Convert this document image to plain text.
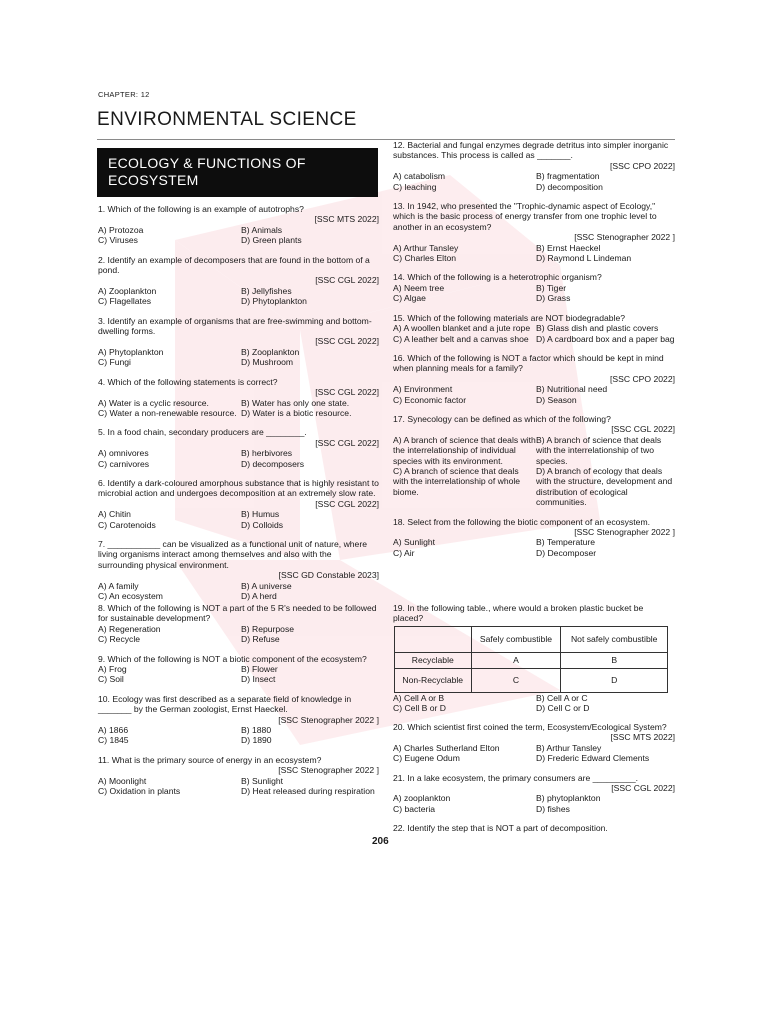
CHAPTER: 12
ENVIRONMENTAL SCIENCE
ECOLOGY & FUNCTIONS OF
ECOSYSTEM
1. Which of the following is an example of autotrophs?
[SSC MTS 2022]
A) Protozoa	B) Animals
C) Viruses	D) Green plants
2. Identify an example of decomposers that are found in the bottom of a pond.
[SSC CGL 2022]
A) Zooplankton	B) Jellyfishes
C) Flagellates	D) Phytoplankton
3. Identify an example of organisms that are free-swimming and bottom-dwelling forms.
[SSC CGL 2022]
A) Phytoplankton	B) Zooplankton
C) Fungi	D) Mushroom
4. Which of the following statements is correct?
[SSC CGL 2022]
A) Water is a cyclic resource.	B) Water has only one state.
C) Water a non-renewable resource. D) Water is a biotic resource.
5. In a food chain, secondary producers are ________.
[SSC CGL 2022]
A) omnivores	B) herbivores
C) carnivores	D) decomposers
6. Identify a dark-coloured amorphous substance that is highly resistant to microbial action and undergoes decomposition at an extremely slow rate.
[SSC CGL 2022]
A) Chitin	B) Humus
C) Carotenoids	D) Colloids
7. ___________ can be visualized as a functional unit of nature, where living organisms interact among themselves and also with the surrounding physical environment.
[SSC GD Constable 2023]
A) A family	B) A universe
C) An ecosystem	D) A herd
8. Which of the following is NOT a part of the 5 R's needed to be followed for sustainable development?
A) Regeneration	B) Repurpose
C) Recycle	D) Refuse
9. Which of the following is NOT a biotic component of the ecosystem?
A) Frog	B) Flower
C) Soil	D) Insect
10. Ecology was first described as a separate field of knowledge in _______ by the German zoologist, Ernst Haeckel.
[SSC Stenographer 2022 ]
A) 1866	B) 1880
C) 1845	D) 1890
11. What is the primary source of energy in an ecosystem?
[SSC Stenographer 2022 ]
A) Moonlight	B) Sunlight
C) Oxidation in plants	D) Heat released during respiration
12. Bacterial and fungal enzymes degrade detritus into simpler inorganic substances. This process is called as _______.
[SSC CPO 2022]
A) catabolism	B) fragmentation
C) leaching	D) decomposition
13. In 1942, who presented the "Trophic-dynamic aspect of Ecology," which is the basic process of energy transfer from one trophic level to another in an ecosystem?
[SSC Stenographer 2022 ]
A) Arthur Tansley	B) Ernst Haeckel
C) Charles Elton	D) Raymond L Lindeman
14. Which of the following is a heterotrophic organism?
A) Neem tree	B) Tiger
C) Algae	D) Grass
15. Which of the following materials are NOT biodegradable?
A) A woollen blanket and a jute rope B) Glass dish and plastic covers
C) A leather belt and a canvas shoe D) A cardboard box and a paper bag
16. Which of the following is NOT a factor which should be kept in mind when planning meals for a family?
[SSC CPO 2022]
A) Environment	B) Nutritional need
C) Economic factor	D) Season
17. Synecology can be defined as which of the following?
[SSC CGL 2022]
A) A branch of science that deals with the interrelationship of individual species with its environment.
B) A branch of science that deals with the interrelationship of two species.
C) A branch of science that deals with the interrelationship of whole biome.
D) A branch of ecology that deals with the structure, development and distribution of ecological communities.
18. Select from the following the biotic component of an ecosystem.
[SSC Stenographer 2022 ]
A) Sunlight	B) Temperature
C) Air	D) Decomposer
19. In the following table., where would a broken plastic bucket be placed?
	Safely combustible	Not safely combustible
Recyclable	A	B
Non-Recyclable	C	D
A) Cell A or B	B) Cell A or C
C) Cell B or D	D) Cell C or D
20. Which scientist first coined the term, Ecosystem/Ecological System?
[SSC MTS 2022]
A) Charles Sutherland Elton	B) Arthur Tansley
C) Eugene Odum	D) Frederic Edward Clements
21. In a lake ecosystem, the primary consumers are _________.
[SSC CGL 2022]
A) zooplankton	B) phytoplankton
C) bacteria	D) fishes
22. Identify the step that is NOT a part of decomposition.
206
